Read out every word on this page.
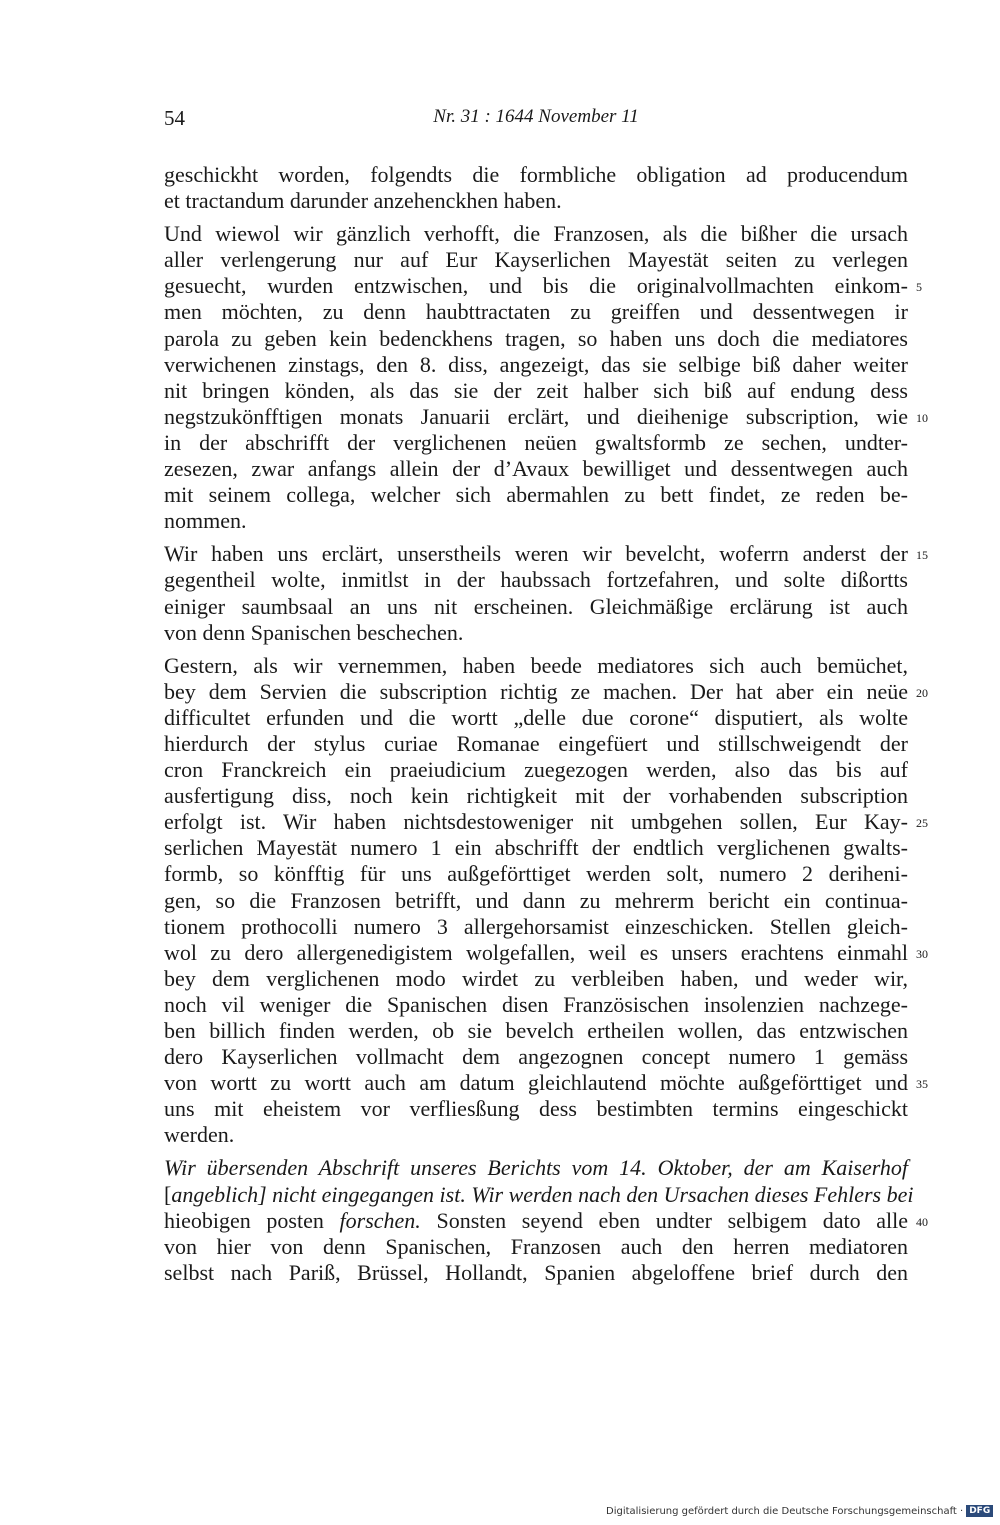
54	Nr. 31 : 1644 November 11
geschickht worden, folgendts die formbliche obligation ad producendum
et tractandum darunder anzehenckhen haben.
Und wiewol wir gänzlich verhofft, die Franzosen, als die bißher die ursach
aller verlengerung nur auf Eur Kayserlichen Mayestät seiten zu verlegen
gesuecht, wurden entzwischen, und bis die originalvollmachten einkom- 5
men möchten, zu denn haubttractaten zu greiffen und dessentwegen ir
parola zu geben kein bedenckhens tragen, so haben uns doch die mediatores
verwichenen zinstags, den 8. diss, angezeigt, das sie selbige biß daher weiter
nit bringen könden, als das sie der zeit halber sich biß auf endung dess
negstzukönfftigen monats Januarii erclärt, und dieihenige subscription, wie 10
in der abschrifft der verglichenen neüen gwaltsformb ze sechen, undter-
zesezen, zwar anfangs allein der d’Avaux bewilliget und dessentwegen auch
mit seinem collega, welcher sich abermahlen zu bett findet, ze reden be-
nommen.
Wir haben uns erclärt, unserstheils weren wir bevelcht, woferrn anderst der 15
gegentheil wolte, inmitlst in der haubssach fortzefahren, und solte dißortts
einiger saumbsaal an uns nit erscheinen. Gleichmäßige erclärung ist auch
von denn Spanischen beschechen.
Gestern, als wir vernemmen, haben beede mediatores sich auch bemüchet,
bey dem Servien die subscription richtig ze machen. Der hat aber ein neüe 20
difficultet erfunden und die wortt „delle due corone“ disputiert, als wolte
hierdurch der stylus curiae Romanae eingefüert und stillschweigendt der
cron Franckreich ein praeiudicium zuegezogen werden, also das bis auf
ausfertigung diss, noch kein richtigkeit mit der vorhabenden subscription
erfolgt ist. Wir haben nichtsdestoweniger nit umbgehen sollen, Eur Kay- 25
serlichen Mayestät numero 1 ein abschrifft der endtlich verglichenen gwalts-
formb, so könfftig für uns außgeförttiget werden solt, numero 2 deriheni-
gen, so die Franzosen betrifft, und dann zu mehrerm bericht ein continua-
tionem prothocolli numero 3 allergehorsamist einzeschicken. Stellen gleich-
wol zu dero allergenedigistem wolgefallen, weil es unsers erachtens einmahl 30
bey dem verglichenen modo wirdet zu verbleiben haben, und weder wir,
noch vil weniger die Spanischen disen Französischen insolenzien nachzege-
ben billich finden werden, ob sie bevelch ertheilen wollen, das entzwischen
dero Kayserlichen vollmacht dem angezognen concept numero 1 gemäss
von wortt zu wortt auch am datum gleichlautend möchte außgeförttiget und 35
uns mit eheistem vor verfliesßung dess bestimbten termins eingeschickt
werden.
Wir übersenden Abschrift unseres Berichts vom 14. Oktober, der am Kaiserhof
[angeblich] nicht eingegangen ist. Wir werden nach den Ursachen dieses Fehlers bei
hieobigen posten forschen. Sonsten seyend eben undter selbigem dato alle 40
von hier von denn Spanischen, Franzosen auch den herren mediatoren
selbst nach Pariß, Brüssel, Hollandt, Spanien abgeloffene brief durch den
Digitalisierung gefördert durch die Deutsche Forschungsgemeinschaft · DFG
